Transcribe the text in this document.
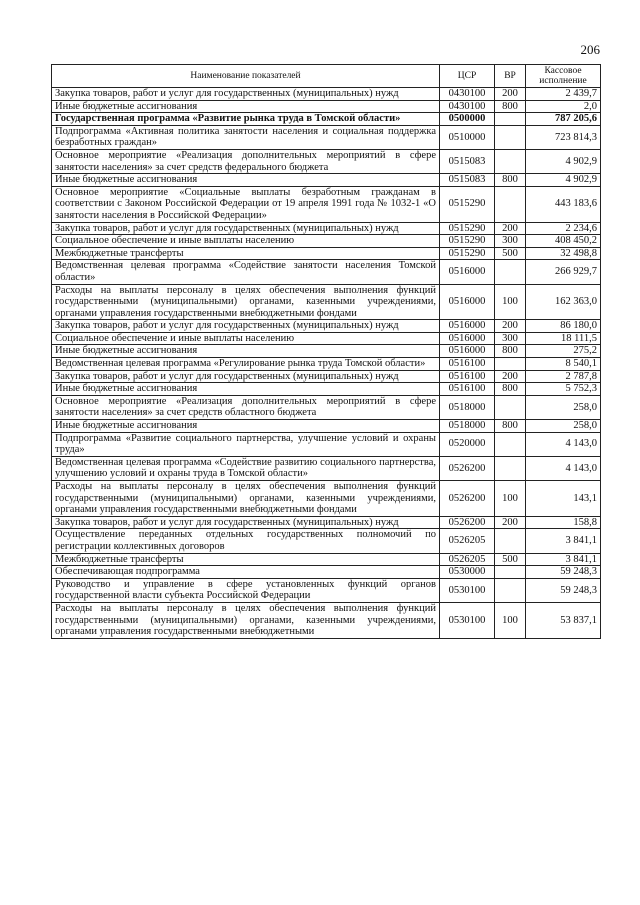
206
Наименование показателей	ЦСР	ВР	Кассовое исполнение
Закупка товаров, работ и услуг для государственных (муниципальных) нужд	0430100	200	2 439,7
Иные бюджетные ассигнования	0430100	800	2,0
Государственная программа «Развитие рынка труда в Томской области»	0500000		787 205,6
Подпрограмма «Активная политика занятости населения и социальная поддержка безработных граждан»	0510000		723 814,3
Основное мероприятие «Реализация дополнительных мероприятий в сфере занятости населения» за счет средств федерального бюджета	0515083		4 902,9
Иные бюджетные ассигнования	0515083	800	4 902,9
Основное мероприятие «Социальные выплаты безработным гражданам в соответствии с Законом Российской Федерации от 19 апреля 1991 года № 1032-1 «О занятости населения в Российской Федерации»	0515290		443 183,6
Закупка товаров, работ и услуг для государственных (муниципальных) нужд	0515290	200	2 234,6
Социальное обеспечение и иные выплаты населению	0515290	300	408 450,2
Межбюджетные трансферты	0515290	500	32 498,8
Ведомственная целевая программа «Содействие занятости населения Томской области»	0516000		266 929,7
Расходы на выплаты персоналу в целях обеспечения выполнения функций государственными (муниципальными) органами, казенными учреждениями, органами управления государственными внебюджетными фондами	0516000	100	162 363,0
Закупка товаров, работ и услуг для государственных (муниципальных) нужд	0516000	200	86 180,0
Социальное обеспечение и иные выплаты населению	0516000	300	18 111,5
Иные бюджетные ассигнования	0516000	800	275,2
Ведомственная целевая программа «Регулирование рынка труда Томской области»	0516100		8 540,1
Закупка товаров, работ и услуг для государственных (муниципальных) нужд	0516100	200	2 787,8
Иные бюджетные ассигнования	0516100	800	5 752,3
Основное мероприятие «Реализация дополнительных мероприятий в сфере занятости населения» за счет средств областного бюджета	0518000		258,0
Иные бюджетные ассигнования	0518000	800	258,0
Подпрограмма «Развитие социального партнерства, улучшение условий и охраны труда»	0520000		4 143,0
Ведомственная целевая программа «Содействие развитию социального партнерства, улучшению условий и охраны труда в Томской области»	0526200		4 143,0
Расходы на выплаты персоналу в целях обеспечения выполнения функций государственными (муниципальными) органами, казенными учреждениями, органами управления государственными внебюджетными фондами	0526200	100	143,1
Закупка товаров, работ и услуг для государственных (муниципальных) нужд	0526200	200	158,8
Осуществление переданных отдельных государственных полномочий по регистрации коллективных договоров	0526205		3 841,1
Межбюджетные трансферты	0526205	500	3 841,1
Обеспечивающая подпрограмма	0530000		59 248,3
Руководство и управление в сфере установленных функций органов государственной власти субъекта Российской Федерации	0530100		59 248,3
Расходы на выплаты персоналу в целях обеспечения выполнения функций государственными (муниципальными) органами, казенными учреждениями, органами управления государственными внебюджетными	0530100	100	53 837,1
